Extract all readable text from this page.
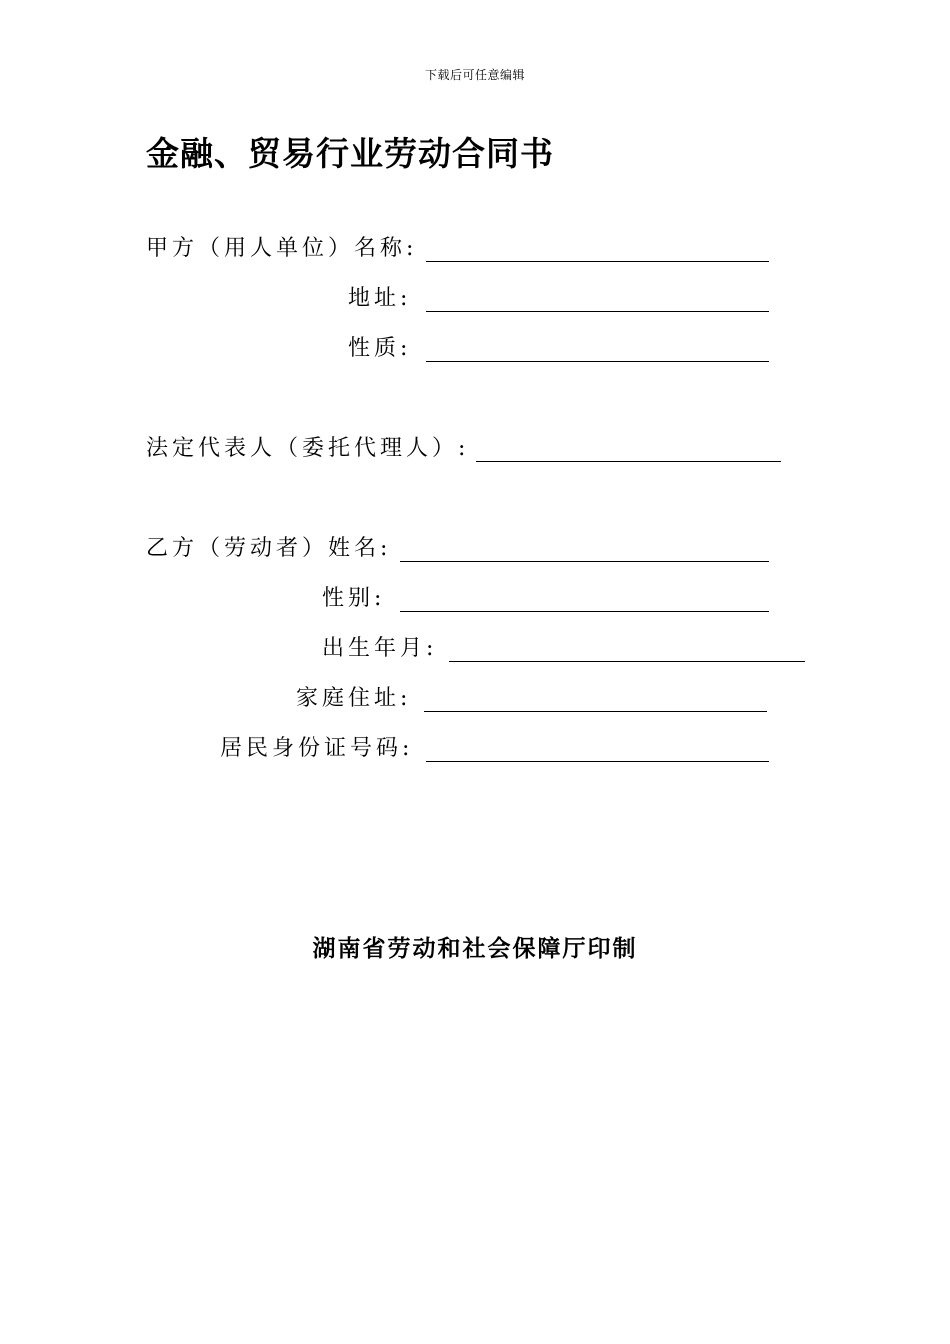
下载后可任意编辑
金融、贸易行业劳动合同书
甲方（用人单位）名称:
地址:
性质:
法定代表人（委托代理人）:
乙方（劳动者）姓名:
性别:
出生年月:
家庭住址:
居民身份证号码:
湖南省劳动和社会保障厅印制
